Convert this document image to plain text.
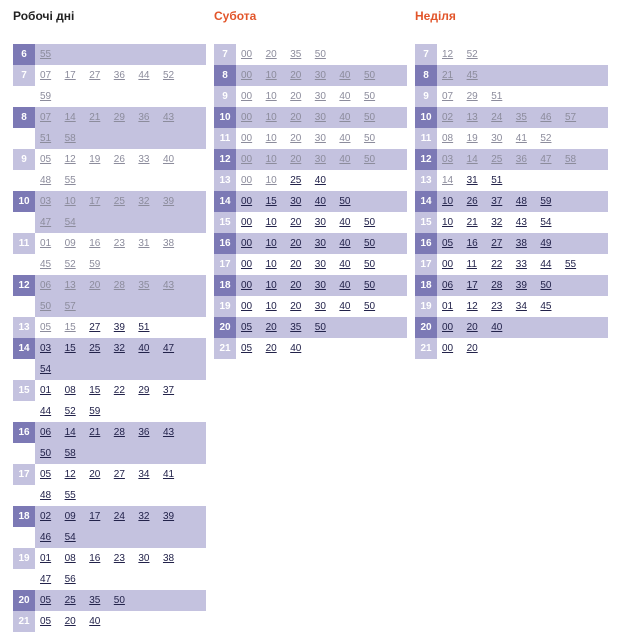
Робочі дні
6	55
7	07	17	27	36	44	52
59
8	07	14	21	29	36	43
51	58
9	05	12	19	26	33	40
48	55
10	03	10	17	25	32	39
47	54
11	01	09	16	23	31	38
45	52	59
12	06	13	20	28	35	43
50	57
13	05	15	27	39	51
14	03	15	25	32	40	47
54
15	01	08	15	22	29	37
44	52	59
16	06	14	21	28	36	43
50	58
17	05	12	20	27	34	41
48	55
18	02	09	17	24	32	39
46	54
19	01	08	16	23	30	38
47	56
20	05	25	35	50
21	05	20	40
Субота
7	00	20	35	50
8	00	10	20	30	40	50
9	00	10	20	30	40	50
10	00	10	20	30	40	50
11	00	10	20	30	40	50
12	00	10	20	30	40	50
13	00	10	25	40
14	00	15	30	40	50
15	00	10	20	30	40	50
16	00	10	20	30	40	50
17	00	10	20	30	40	50
18	00	10	20	30	40	50
19	00	10	20	30	40	50
20	05	20	35	50
21	05	20	40
Неділя
7	12	52
8	21	45
9	07	29	51
10	02	13	24	35	46	57
11	08	19	30	41	52
12	03	14	25	36	47	58
13	14	31	51
14	10	26	37	48	59
15	10	21	32	43	54
16	05	16	27	38	49
17	00	11	22	33	44	55
18	06	17	28	39	50
19	01	12	23	34	45
20	00	20	40
21	00	20
